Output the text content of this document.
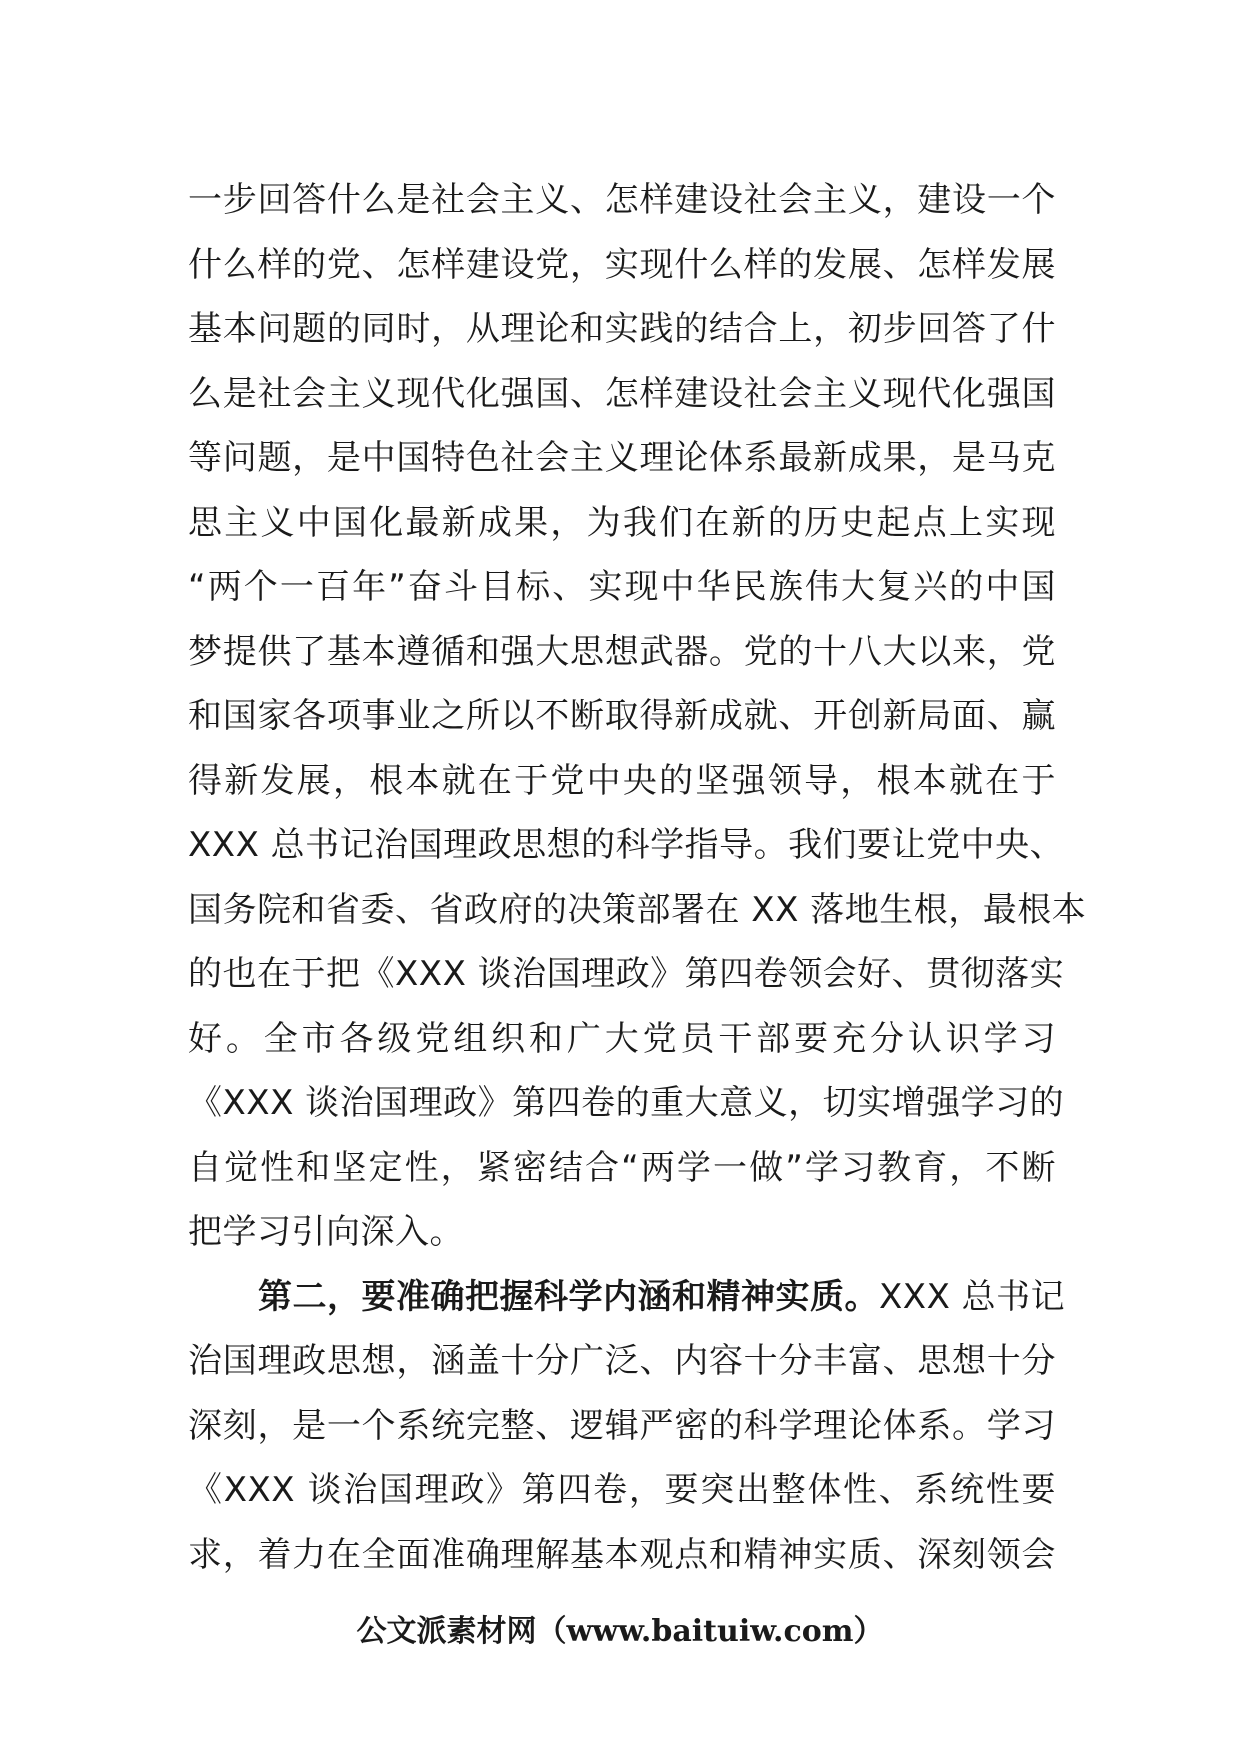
一步回答什么是社会主义、怎样建设社会主义，建设一个
什么样的党、怎样建设党，实现什么样的发展、怎样发展
基本问题的同时，从理论和实践的结合上，初步回答了什
么是社会主义现代化强国、怎样建设社会主义现代化强国
等问题，是中国特色社会主义理论体系最新成果，是马克
思主义中国化最新成果，为我们在新的历史起点上实现
“两个一百年”奋斗目标、实现中华民族伟大复兴的中国
梦提供了基本遵循和强大思想武器。党的十八大以来，党
和国家各项事业之所以不断取得新成就、开创新局面、赢
得新发展，根本就在于党中央的坚强领导，根本就在于
XXX 总书记治国理政思想的科学指导。我们要让党中央、
国务院和省委、省政府的决策部署在 XX 落地生根，最根本
的也在于把《XXX 谈治国理政》第四卷领会好、贯彻落实
好。全市各级党组织和广大党员干部要充分认识学习
《XXX 谈治国理政》第四卷的重大意义，切实增强学习的
自觉性和坚定性，紧密结合“两学一做”学习教育，不断
把学习引向深入。
第二，要准确把握科学内涵和精神实质。XXX 总书记
治国理政思想，涵盖十分广泛、内容十分丰富、思想十分
深刻，是一个系统完整、逻辑严密的科学理论体系。学习
《XXX 谈治国理政》第四卷，要突出整体性、系统性要
求，着力在全面准确理解基本观点和精神实质、深刻领会
公文派素材网（www.baituiw.com）
